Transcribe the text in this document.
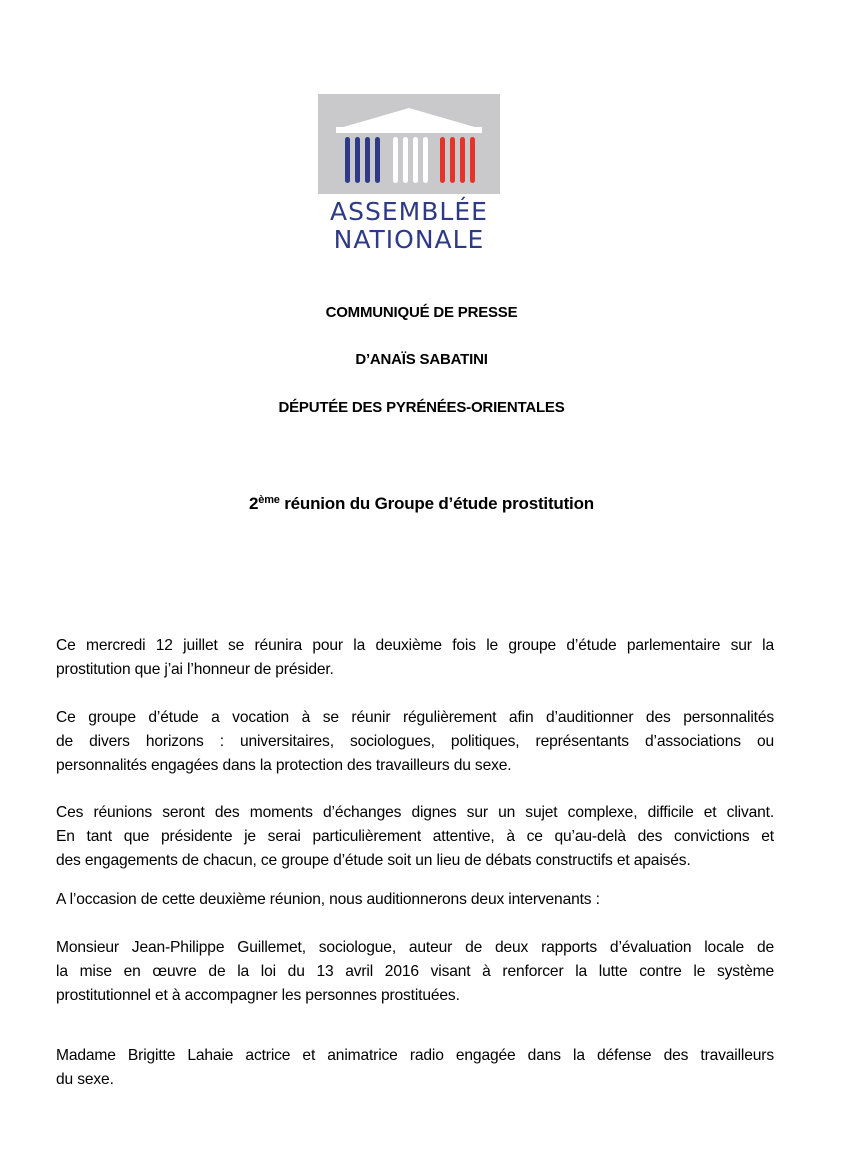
ASSEMBLÉE
NATIONALE
COMMUNIQUÉ DE PRESSE
D’ANAÏS SABATINI
DÉPUTÉE DES PYRÉNÉES-ORIENTALES
2ème réunion du Groupe d’étude prostitution

Ce mercredi 12 juillet se réunira pour la deuxième fois le groupe d’étude parlementaire sur la
prostitution que j’ai l’honneur de présider.

Ce groupe d’étude a vocation à se réunir régulièrement afin d’auditionner des personnalités
de divers horizons : universitaires, sociologues, politiques, représentants d’associations ou
personnalités engagées dans la protection des travailleurs du sexe.

Ces réunions seront des moments d’échanges dignes sur un sujet complexe, difficile et clivant.
En tant que présidente je serai particulièrement attentive, à ce qu’au-delà des convictions et
des engagements de chacun, ce groupe d’étude soit un lieu de débats constructifs et apaisés.

A l’occasion de cette deuxième réunion, nous auditionnerons deux intervenants :

Monsieur Jean-Philippe Guillemet, sociologue, auteur de deux rapports d’évaluation locale de
la mise en œuvre de la loi du 13 avril 2016 visant à renforcer la lutte contre le système
prostitutionnel et à accompagner les personnes prostituées.

Madame Brigitte Lahaie actrice et animatrice radio engagée dans la défense des travailleurs
du sexe.
